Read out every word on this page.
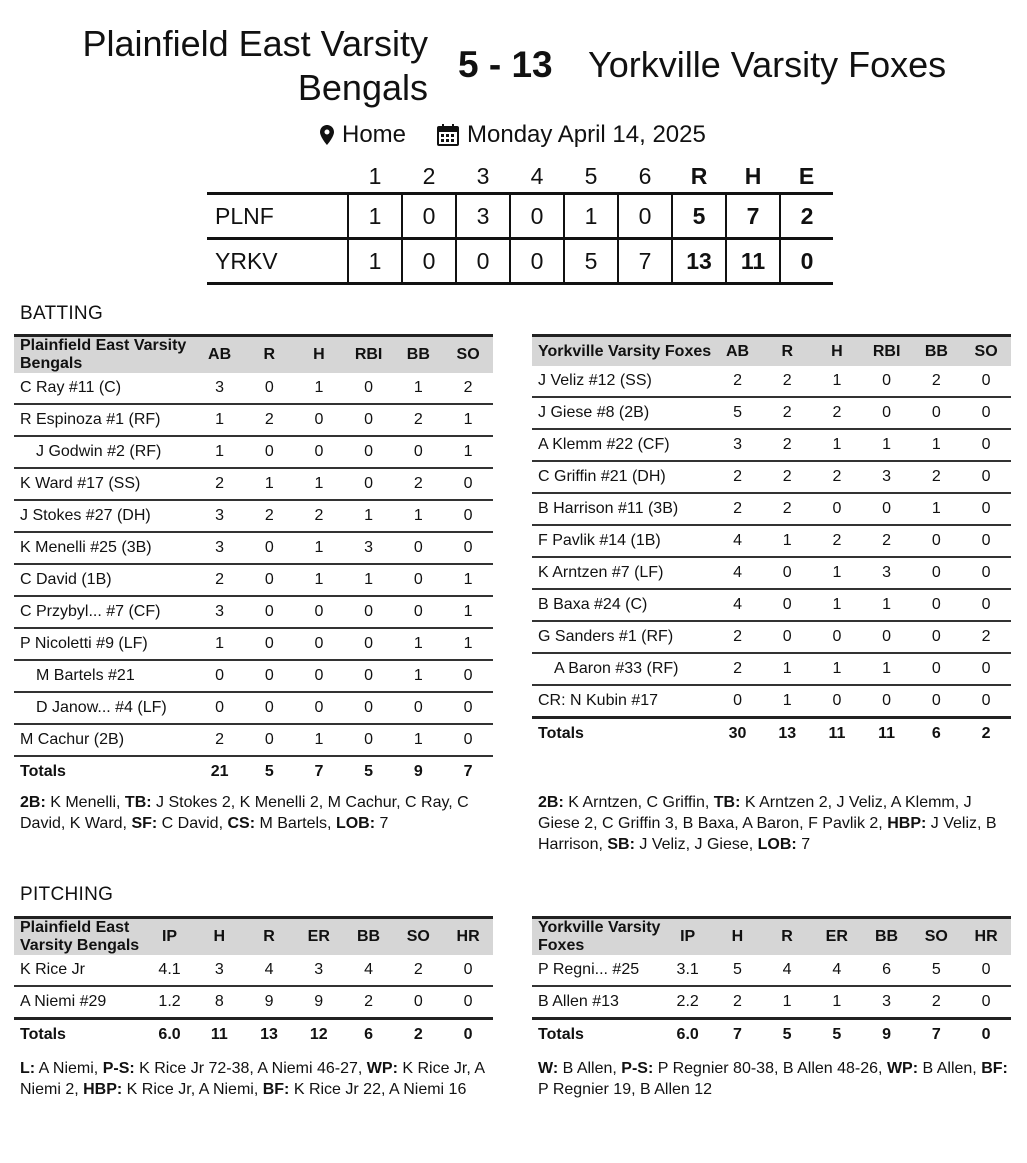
Plainfield East Varsity Bengals
5 - 13 Yorkville Varsity Foxes
Home	Monday April 14, 2025
	1	2	3	4	5	6	R	H	E
PLNF	1	0	3	0	1	0	5	7	2
YRKV	1	0	0	0	5	7	13	11	0
BATTING
PITCHING
Plainfield East Varsity Bengals	AB	R	H	RBI	BB	SO
C Ray #11 (C)	3	0	1	0	1	2
R Espinoza #1 (RF)	1	2	0	0	2	1
J Godwin #2 (RF)	1	0	0	0	0	1
K Ward #17 (SS)	2	1	1	0	2	0
J Stokes #27 (DH)	3	2	2	1	1	0
K Menelli #25 (3B)	3	0	1	3	0	0
C David (1B)	2	0	1	1	0	1
C Przybyl... #7 (CF)	3	0	0	0	0	1
P Nicoletti #9 (LF)	1	0	0	0	1	1
M Bartels #21	0	0	0	0	1	0
D Janow... #4 (LF)	0	0	0	0	0	0
M Cachur (2B)	2	0	1	0	1	0
Totals	21	5	7	5	9	7
Yorkville Varsity Foxes	AB	R	H	RBI	BB	SO
J Veliz #12 (SS)	2	2	1	0	2	0
J Giese #8 (2B)	5	2	2	0	0	0
A Klemm #22 (CF)	3	2	1	1	1	0
C Griffin #21 (DH)	2	2	2	3	2	0
B Harrison #11 (3B)	2	2	0	0	1	0
F Pavlik #14 (1B)	4	1	2	2	0	0
K Arntzen #7 (LF)	4	0	1	3	0	0
B Baxa #24 (C)	4	0	1	1	0	0
G Sanders #1 (RF)	2	0	0	0	0	2
A Baron #33 (RF)	2	1	1	1	0	0
CR: N Kubin #17	0	1	0	0	0	0
Totals	30	13	11	11	6	2
Plainfield East Varsity Bengals	IP	H	R	ER	BB	SO	HR
K Rice Jr	4.1	3	4	3	4	2	0
A Niemi #29	1.2	8	9	9	2	0	0
Totals	6.0	11	13	12	6	2	0
Yorkville Varsity Foxes	IP	H	R	ER	BB	SO	HR
P Regni... #25	3.1	5	4	4	6	5	0
B Allen #13	2.2	2	1	1	3	2	0
Totals	6.0	7	5	5	9	7	0
2B: K Menelli, TB: J Stokes 2, K Menelli 2, M Cachur, C Ray, C David, K Ward, SF: C David, CS: M Bartels, LOB: 7
2B: K Arntzen, C Griffin, TB: K Arntzen 2, J Veliz, A Klemm, J Giese 2, C Griffin 3, B Baxa, A Baron, F Pavlik 2, HBP: J Veliz, B Harrison, SB: J Veliz, J Giese, LOB: 7
L: A Niemi, P-S: K Rice Jr 72-38, A Niemi 46-27, WP: K Rice Jr, A Niemi 2, HBP: K Rice Jr, A Niemi, BF: K Rice Jr 22, A Niemi 16
W: B Allen, P-S: P Regnier 80-38, B Allen 48-26, WP: B Allen, BF: P Regnier 19, B Allen 12
